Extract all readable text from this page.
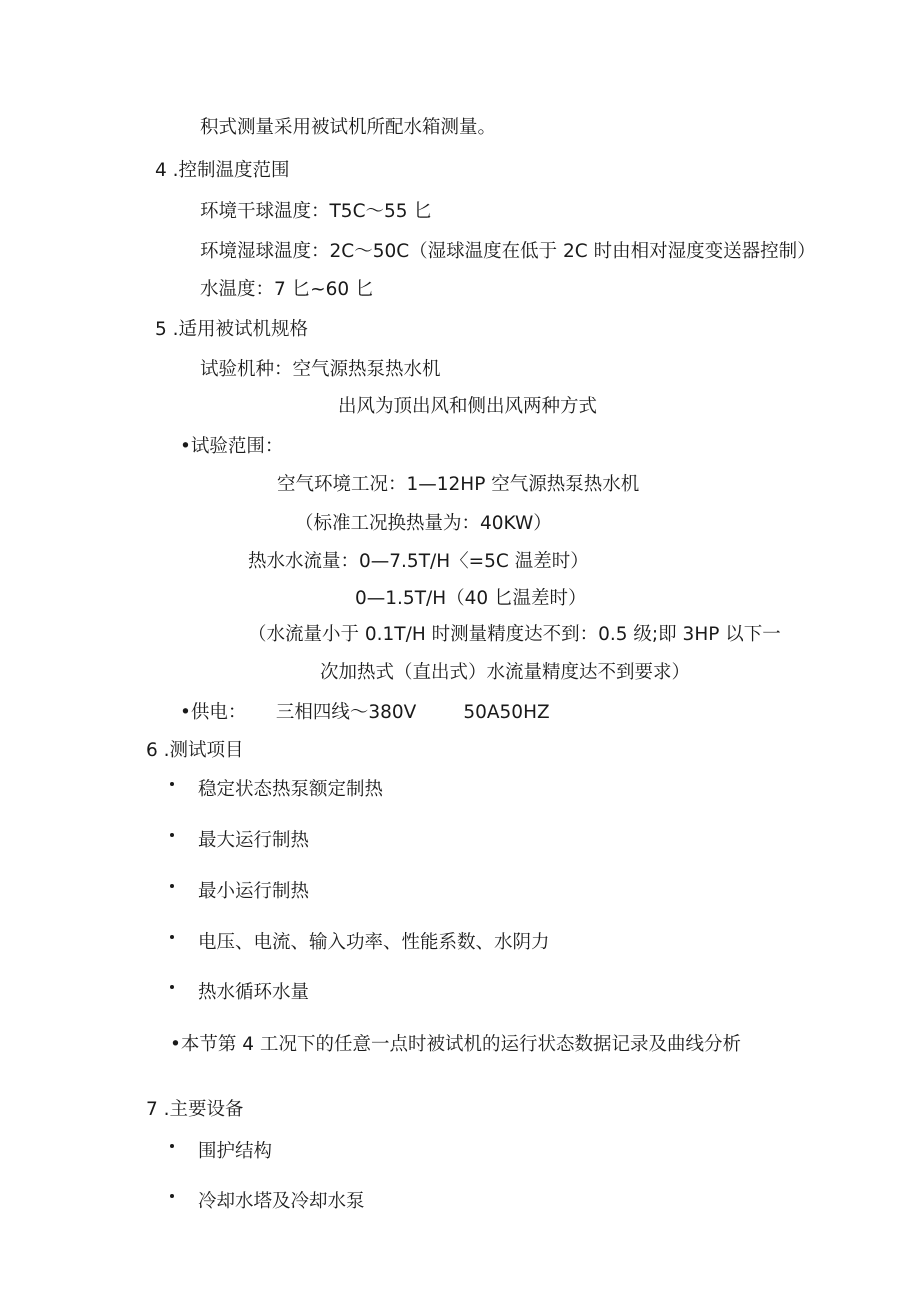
积式测量采用被试机所配水箱测量。
4 .控制温度范围
环境干球温度：T5C～55 匕
环境湿球温度：2C～50C（湿球温度在低于 2C 时由相对湿度变送器控制）
水温度：7 匕~60 匕
5 .适用被试机规格
试验机种：空气源热泵热水机
出风为顶出风和侧出风两种方式
•试验范围：
空气环境工况：1—12HP 空气源热泵热水机
（标准工况换热量为：40KW）
热水水流量：0—7.5T/H〈=5C 温差时）
0—1.5T/H（40 匕温差时）
（水流量小于 0.1T/H 时测量精度达不到：0.5 级;即 3HP 以下一
次加热式（直出式）水流量精度达不到要求）
•供电：     三相四线～380V        50A50HZ
6 .测试项目
稳定状态热泵额定制热
最大运行制热
最小运行制热
电压、电流、输入功率、性能系数、水阴力
热水循环水量
•本节第 4 工况下的任意一点时被试机的运行状态数据记录及曲线分析
7 .主要设备
围护结构
冷却水塔及冷却水泵
